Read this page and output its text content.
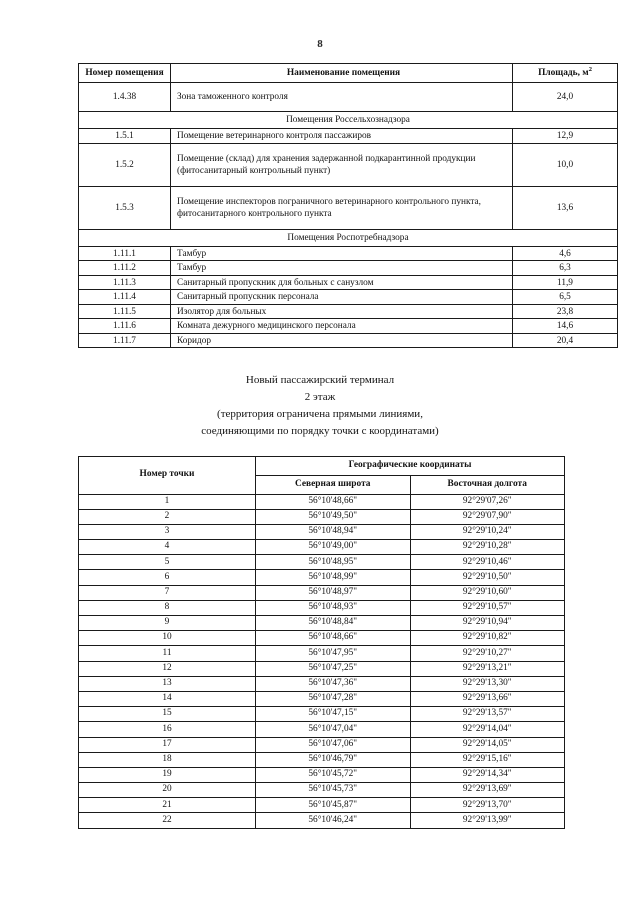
8
Номер помещения	Наименование помещения	Площадь, $м^2$
1.4.38	Зона таможенного контроля	24,0
Помещения Россельхознадзора		
1.5.1	Помещение ветеринарного контроля пассажиров	12,9
1.5.2	Помещение (склад) для хранения задержанной подкарантинной продукции (фитосанитарный контрольный пункт)	10,0
1.5.3	Помещение инспекторов пограничного ветеринарного контрольного пункта, фитосанитарного контрольного пункта	13,6
Помещения Роспотребнадзора		
1.11.1	Тамбур	4,6
1.11.2	Тамбур	6,3
1.11.3	Санитарный пропускник для больных с санузлом	11,9
1.11.4	Санитарный пропускник персонала	6,5
1.11.5	Изолятор для больных	23,8
1.11.6	Комната дежурного медицинского персонала	14,6
1.11.7	Коридор	20,4
Новый пассажирский терминал
2 этаж
(территория ограничена прямыми линиями,
соединяющими по порядку точки с координатами)
Номер точки	Географические координаты	
	Северная широта	Восточная долгота
1	56°10'48,66"	92°29'07,26"
2	56°10'49,50"	92°29'07,90"
3	56°10'48,94"	92°29'10,24"
4	56°10'49,00"	92°29'10,28"
5	56°10'48,95"	92°29'10,46"
6	56°10'48,99"	92°29'10,50"
7	56°10'48,97"	92°29'10,60"
8	56°10'48,93"	92°29'10,57"
9	56°10'48,84"	92°29'10,94"
10	56°10'48,66"	92°29'10,82"
11	56°10'47,95"	92°29'10,27"
12	56°10'47,25"	92°29'13,21"
13	56°10'47,36"	92°29'13,30"
14	56°10'47,28"	92°29'13,66"
15	56°10'47,15"	92°29'13,57"
16	56°10'47,04"	92°29'14,04"
17	56°10'47,06"	92°29'14,05"
18	56°10'46,79"	92°29'15,16"
19	56°10'45,72"	92°29'14,34"
20	56°10'45,73"	92°29'13,69"
21	56°10'45,87"	92°29'13,70"
22	56°10'46,24"	92°29'13,99"
